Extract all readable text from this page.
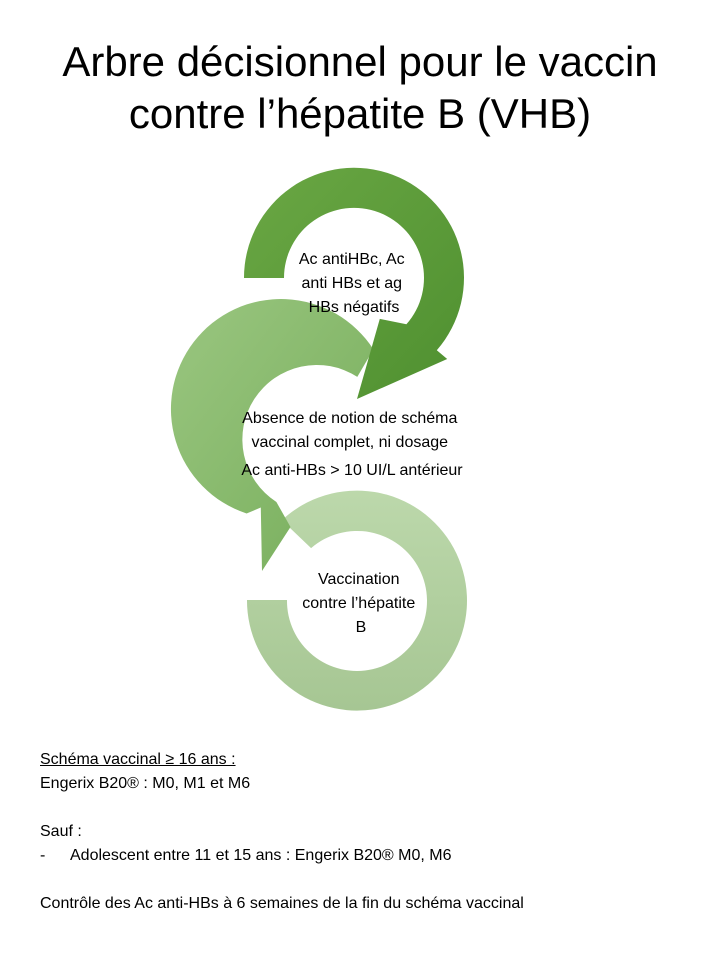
Arbre décisionnel pour le vaccin
contre l’hépatite B (VHB)
Vaccination contre l’hépatite B
Absence de notion de schéma vaccinal complet, ni dosage Ac anti-HBs > 10 UI/L antérieur
Ac antiHBc, Ac anti HBs et ag HBs négatifs
Schéma vaccinal ≥ 16 ans :
Engerix B20® : M0, M1 et M6
Sauf :
-	Adolescent entre 11 et 15 ans : Engerix B20® M0, M6
Contrôle des Ac anti-HBs à 6 semaines de la fin du schéma vaccinal
